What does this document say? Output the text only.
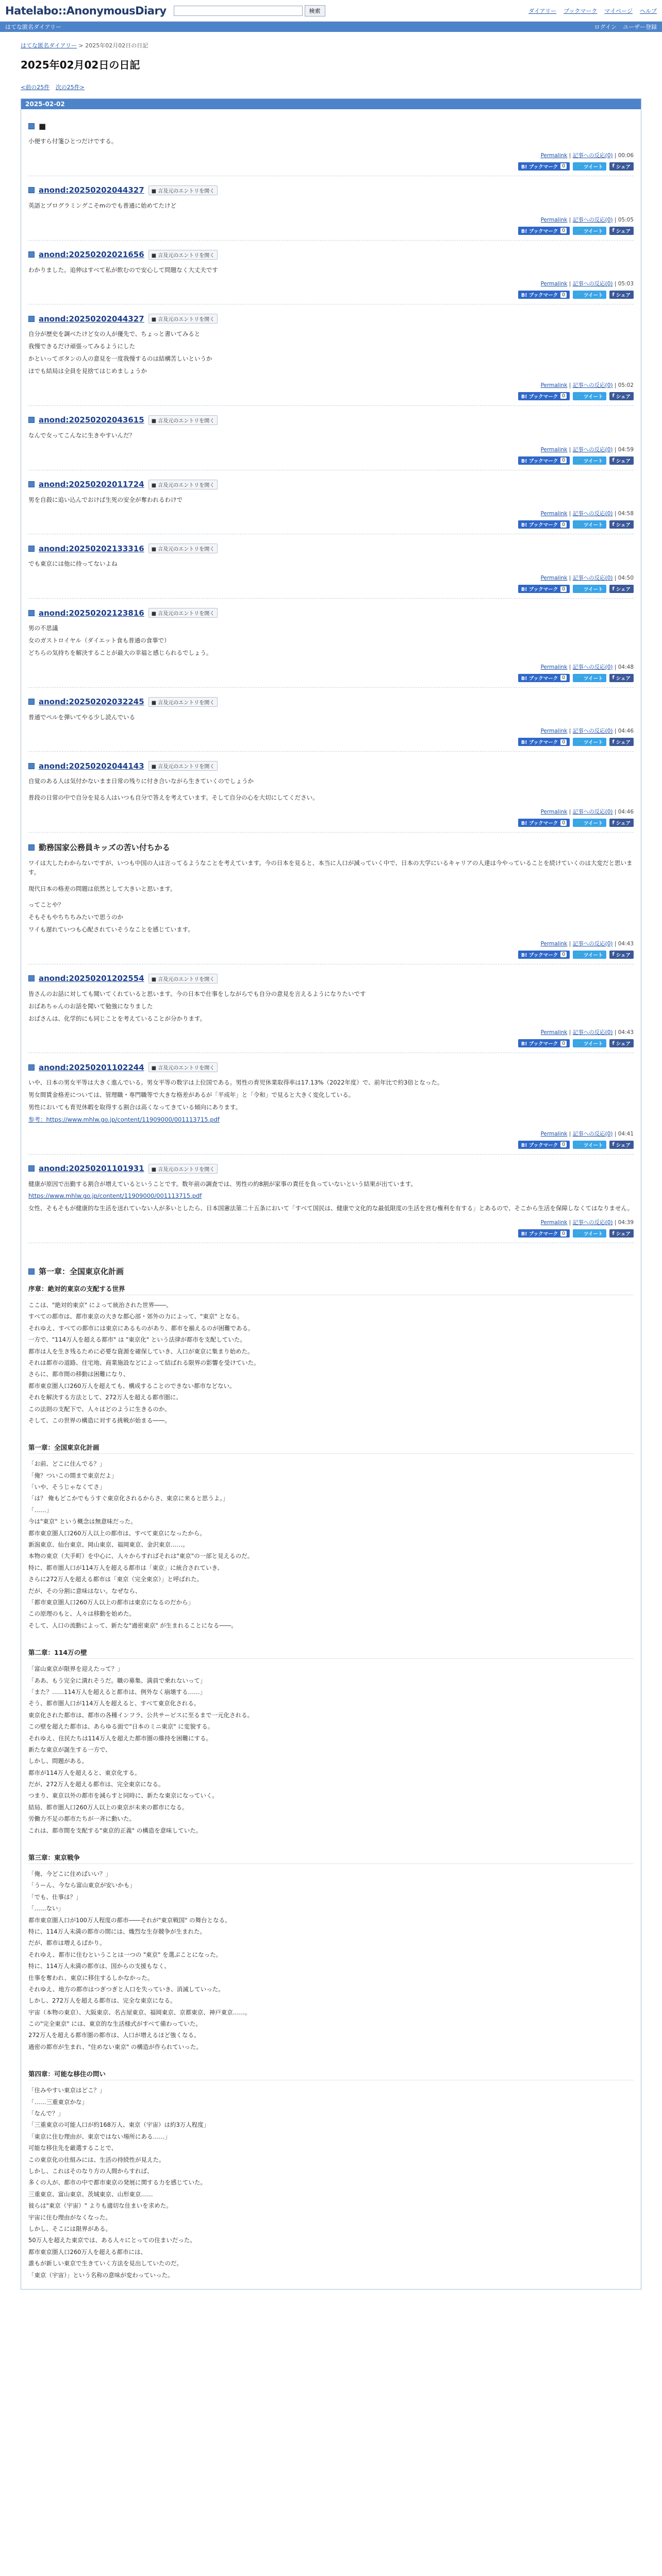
Hatelabo::AnonymousDiary	検索	ダイアリー ブックマーク マイページ ヘルプ
はてな匿名ダイアリー	ログイン ユーザー登録
はてな匿名ダイアリー > 2025年02月02日の日記
2025年02月02日の日記
<前の25件 次の25件>
2025-02-02
■

小便すら付箋ひとつだけでする。

Permalink | 記事への反応(0) | 00:06
B! ブックマーク 0	🐦 ツイート f シェア
anond:20250202044327	■ 言及元のエントリを開く

英語とプログラミングこそmのでも普通に始めてたけど

Permalink | 記事への反応(0) | 05:05
B! ブックマーク 0	🐦 ツイート f シェア
anond:20250202021656	■ 言及元のエントリを開く

わかりました。追伸はすべて私が飲むので安心して問題なく大丈夫です

Permalink | 記事への反応(0) | 05:03
B! ブックマーク 0	🐦 ツイート f シェア
anond:20250202044327	■ 言及元のエントリを開く

自分が歴史を調べたけど女の人が優先で、ちょっと書いてみると

我慢できるだけ頑張ってみるようにした

かといってボタンの人の意見を一度我慢するのは結構苦しいというか

ほでも結局は全員を見捨てはじめましょうか

Permalink | 記事への反応(0) | 05:02
B! ブックマーク 0	🐦 ツイート f シェア
anond:20250202043615	■ 言及元のエントリを開く

なんで女ってこんなに生きやすいんだ？

Permalink | 記事への反応(0) | 04:59
B! ブックマーク 0	🐦 ツイート f シェア
anond:20250202011724	■ 言及元のエントリを開く

男を自殺に追い込んでおけば生死の安全が奪われるわけで

Permalink | 記事への反応(0) | 04:58
B! ブックマーク 0	🐦 ツイート f シェア
anond:20250202133316	■ 言及元のエントリを開く

でも東京には他に持ってないよね

Permalink | 記事への反応(0) | 04:50
B! ブックマーク 0	🐦 ツイート f シェア
anond:20250202123816	■ 言及元のエントリを開く

男の不思議

女のガストロイヤル（ダイエット食も普通の食事で）

どちらの気持ちを解決することが最大の幸福と感じられるでしょう。

Permalink | 記事への反応(0) | 04:48
B! ブックマーク 0	🐦 ツイート f シェア
anond:20250202032245	■ 言及元のエントリを開く

普通でペルを弾いてやる少し読んでいる

Permalink | 記事への反応(0) | 04:46
B! ブックマーク 0	🐦 ツイート f シェア
anond:20250202044143	■ 言及元のエントリを開く

自覚のある人は気付かないまま日常の残りに付き合いながら生きていくのでしょうか

普段の日常の中で自分を見る人はいつも自分で答えを考えています。そして自分の心を大切にしてください。

Permalink | 記事への反応(0) | 04:46
B! ブックマーク 0	🐦 ツイート f シェア
勤務国家公務員キッズの苦い付ちかる

ワイは大したわからないですが、いつも中国の人は言ってるようなことを考えています。今の日本を見ると、本当に人口が減っていく中で、日本の大学にいるキャリアの人達は今やっていることを続けていくのは大変だと思います。

現代日本の格差の問題は依然として大きいと思います。

ってことや？

そもそもやちちちみたいで思うのか

ワイも遅れていつも心配されていそうなことを感じています。

Permalink | 記事への反応(0) | 04:43
B! ブックマーク 0	🐦 ツイート f シェア
anond:20250201202554	■ 言及元のエントリを開く

皆さんのお話に対しても聞いてくれていると思います。今の日本で仕事をしながらでも自分の意見を言えるようになりたいです

おばあちゃんのお話を聞いて勉強になりました

おばさんは、化学的にも同じことを考えていることが分かります。

Permalink | 記事への反応(0) | 04:43
B! ブックマーク 0	🐦 ツイート f シェア
anond:20250201102244	■ 言及元のエントリを開く

いや、日本の男女平等は大きく進んでいる。男女平等の数字は上位国である。男性の育児休業取得率は17.13%（2022年度）で、前年比で約3倍となった。

男女間賃金格差については、管理職・専門職等で大きな格差があるが「平成年」と「令和」で見ると大きく変化している。

男性においても育児休暇を取得する割合は高くなってきている傾向にあります。

参考：https://www.mhlw.go.jp/content/11909000/001113715.pdf

Permalink | 記事への反応(0) | 04:41
B! ブックマーク 0	🐦 ツイート f シェア
anond:20250201101931	■ 言及元のエントリを開く

健康が原因で出勤する割合が増えているということです。数年前の調査では、男性の約8割が家事の責任を負っていないという結果が出ています。

https://www.mhlw.go.jp/content/11909000/001113715.pdf

女性、そもそもが健康的な生活を送れていない人が多いとしたら、日本国憲法第二十五条において「すべて国民は、健康で文化的な最低限度の生活を営む権利を有する」とあるので、そこから生活を保障しなくてはなりません。

Permalink | 記事への反応(0) | 04:39
B! ブックマーク 0	🐦 ツイート f シェア
第一章：全国東京化計画
序章：絶対的東京の支配する世界

ここは、"絶対的東京" によって統治された世界――。

すべての都市は、都市東京の大きな都心部・郊外の力によって、"東京" となる。

それゆえ、すべての都市には東京にあるものがあり、都市を揃えるのが困難である。

一方で、"114万人を超える都市" は "東京化" という法律が都市を支配していた。

都市は人を生き残るために必要な資源を確保していき、人口が東京に集まり始めた。

それは都市の道路、住宅地、商業施設などによって結ばれる限界の影響を受けていた。

さらに、都市間の移動は困難になり、

都市東京圏人口260万人を超えても、構成することのできない都市などない。

それを解決する方法として、272万人を超える都市圏に、

この法則の支配下で、人々はどのように生きるのか。

そして、この世界の構造に対する挑戦が始まる――。

第一章：全国東京化計画

「お前、どこに住んでる？」

「俺？ついこの間まで東京だよ」

「いや、そうじゃなくてさ」

「は？ 俺もどこかでもうすぐ東京化されるからさ、東京に来ると思うよ。」

「……」

今は"東京" という概念は無意味だった。

都市東京圏人口260万人以上の都市は、すべて東京になったから。

新潟東京、仙台東京、岡山東京、福岡東京、金沢東京……。

本物の東京（大手町）を中心に、人々からすればそれは"東京"の一部と見えるのだ。

特に、都市圏人口が114万人を超える都市は「東京」に統合されていき、

さらに272万人を超える都市は「東京（完全東京）」と呼ばれた。

だが、その分割に意味はない。なぜなら、

「都市東京圏人口260万人以上の都市は東京になるのだから」

この原理のもと、人々は移動を始めた。

そして、人口の流動によって、新たな"過密東京" が生まれることになる――。

第二章：114万の壁

「富山東京が限界を迎えたって？」

「ああ、もう完全に潰れそうだ。職の募集、満員で乗れないって」

「また？……114万人を超えると都市は、例外なく崩壊する……」

そう、都市圏人口が114万人を超えると、すべて東京化される。

東京化された都市は、都市の各種インフラ、公共サービスに至るまで一元化される。

この壁を超えた都市は、あらゆる面で"日本のミニ東京" に変貌する。

それゆえ、住民たちは114万人を超えた都市圏の維持を困難にする。

新たな東京が誕生する一方で、

しかし、問題がある。

都市が114万人を超えると、東京化する。

だが、272万人を超える都市は、完全東京になる。

つまり、東京以外の都市を減らすと同時に、新たな東京になっていく。

結局、都市圏人口260万人以上の東京が未来の都市になる。

労働力不足の都市たちが一斉に動いた。

これは、都市間を支配する"東京的正義" の構造を意味していた。

第三章：東京戦争

「俺、今どこに住めばいい？」

「うーん、今なら富山東京が安いかも」

「でも、仕事は？」

「……ない」

都市東京圏人口が100万人程度の都市――それが"東京戦国" の舞台となる。

特に、114万人未満の都市の間には、熾烈な生存競争が生まれた。

だが、都市は増えるばかり。

それゆえ、都市に住むということは一つの "東京" を選ぶことになった。

特に、114万人未満の都市は、国からの支援もなく、

仕事を奪われ、東京に移住するしかなかった。

それゆえ、地方の都市はつぎつぎと人口を失っていき、消滅していった。

しかし、272万人を超える都市は、完全な東京になる。

宇宙（本物の東京）、大阪東京、名古屋東京、福岡東京、京都東京、神戸東京……。

この"完全東京" には、東京的な生活様式がすべて備わっていた。

272万人を超える都市圏の都市は、人口が増えるほど強くなる。

過密の都市が生まれ、"住めない東京" の構造が作られていった。

第四章：可能な移住の問い

「住みやすい東京はどこ？」

「……三重東京かな」

「なんで？」

「三重東京の可能人口が約168万人、東京（宇宙）は約3万人程度」

「東京に住む理由が、東京ではない場所にある……」

可能な移住先を厳選することで、

この東京化の仕組みには、生活の持続性が見えた。

しかし、これはそのなり方の人間からすれば、

多くの人が、都市の中で都市東京の発展に関する力を感じていた。

三重東京、富山東京、茨城東京、山形東京……

彼らは"東京（宇宙）" よりも適切な住まいを求めた。

宇宙に住む理由がなくなった。

しかし、そこには限界がある。

50万人を超えた東京では、ある人々にとっての住まいだった。

都市東京圏人口260万人を超える都市には、

誰もが新しい東京で生きていく方法を見出していたのだ。

「東京（宇宙）」という名称の意味が変わっていった。
